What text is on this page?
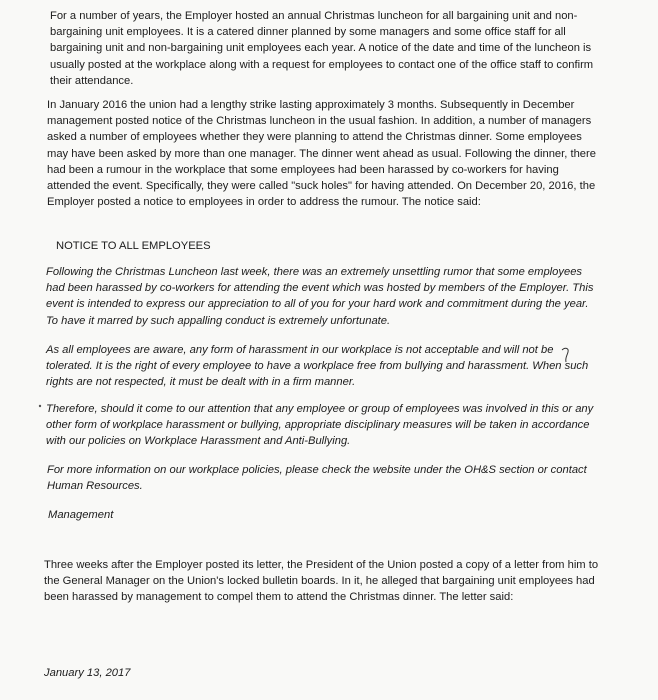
For a number of years, the Employer hosted an annual Christmas luncheon for all bargaining unit and non-bargaining unit employees. It is a catered dinner planned by some managers and some office staff for all bargaining unit and non-bargaining unit employees each year. A notice of the date and time of the luncheon is usually posted at the workplace along with a request for employees to contact one of the office staff to confirm their attendance.

In January 2016 the union had a lengthy strike lasting approximately 3 months. Subsequently in December management posted notice of the Christmas luncheon in the usual fashion. In addition, a number of managers asked a number of employees whether they were planning to attend the Christmas dinner. Some employees may have been asked by more than one manager. The dinner went ahead as usual. Following the dinner, there had been a rumour in the workplace that some employees had been harassed by co-workers for having attended the event. Specifically, they were called "suck holes" for having attended. On December 20, 2016, the Employer posted a notice to employees in order to address the rumour. The notice said:

NOTICE TO ALL EMPLOYEES

Following the Christmas Luncheon last week, there was an extremely unsettling rumor that some employees had been harassed by co-workers for attending the event which was hosted by members of the Employer. This event is intended to express our appreciation to all of you for your hard work and commitment during the year. To have it marred by such appalling conduct is extremely unfortunate.

As all employees are aware, any form of harassment in our workplace is not acceptable and will not be tolerated. It is the right of every employee to have a workplace free from bullying and harassment. When such rights are not respected, it must be dealt with in a firm manner.

Therefore, should it come to our attention that any employee or group of employees was involved in this or any other form of workplace harassment or bullying, appropriate disciplinary measures will be taken in accordance with our policies on Workplace Harassment and Anti-Bullying.

For more information on our workplace policies, please check the website under the OH&S section or contact Human Resources.

Management

Three weeks after the Employer posted its letter, the President of the Union posted a copy of a letter from him to the General Manager on the Union's locked bulletin boards. In it, he alleged that bargaining unit employees had been harassed by management to compel them to attend the Christmas dinner. The letter said:

January 13, 2017
